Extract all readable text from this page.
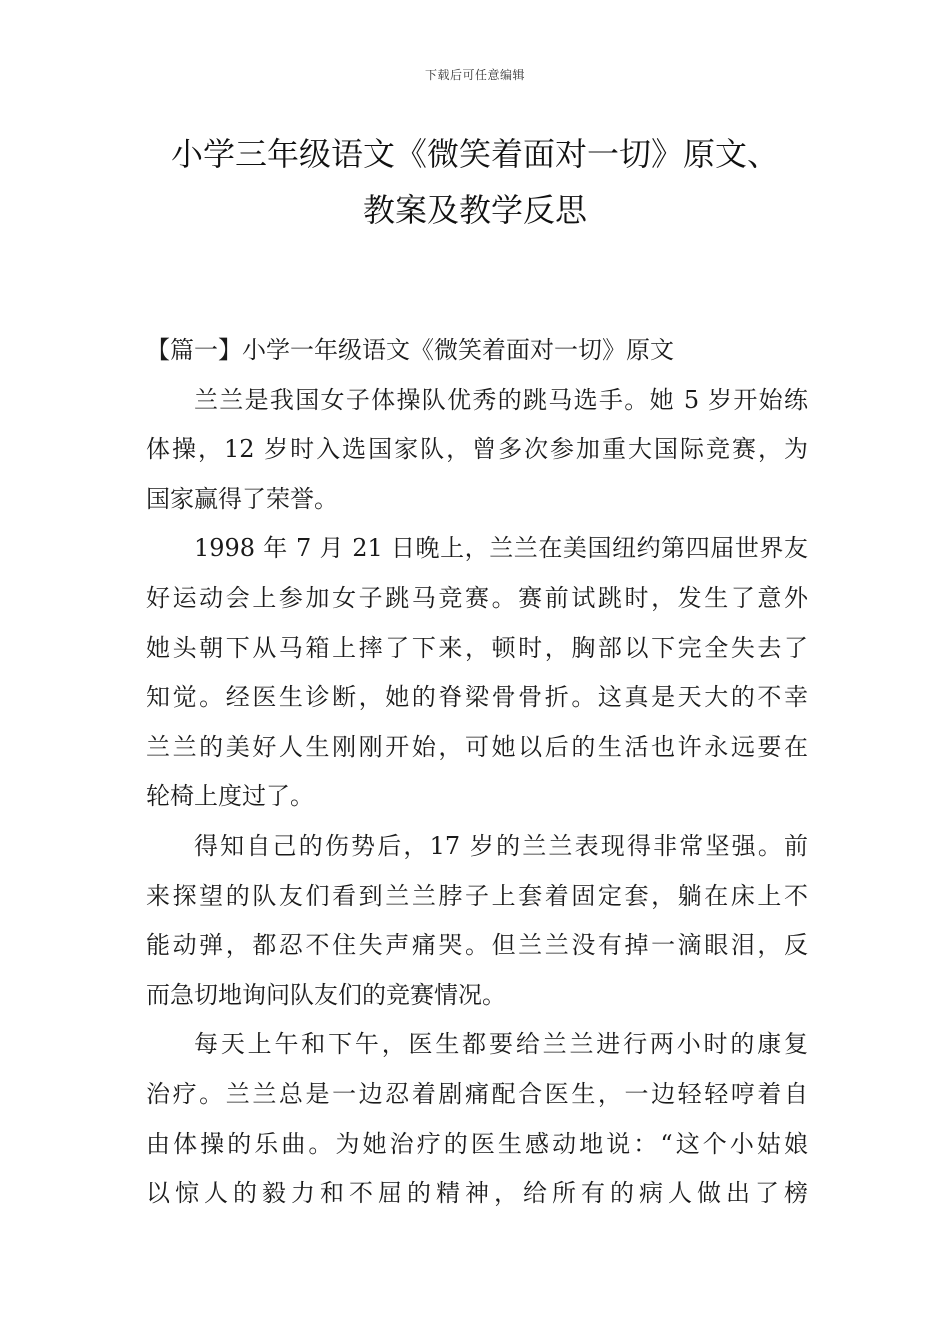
下载后可任意编辑
小学三年级语文《微笑着面对一切》原文、
教案及教学反思
【篇一】小学一年级语文《微笑着面对一切》原文

兰兰是我国女子体操队优秀的跳马选手。她 5 岁开始练
体操，12 岁时入选国家队，曾多次参加重大国际竞赛，为
国家赢得了荣誉。

1998 年 7 月 21 日晚上，兰兰在美国纽约第四届世界友
好运动会上参加女子跳马竞赛。赛前试跳时，发生了意外
她头朝下从马箱上摔了下来，顿时，胸部以下完全失去了
知觉。经医生诊断，她的脊梁骨骨折。这真是天大的不幸
兰兰的美好人生刚刚开始，可她以后的生活也许永远要在
轮椅上度过了。

得知自己的伤势后，17 岁的兰兰表现得非常坚强。前
来探望的队友们看到兰兰脖子上套着固定套，躺在床上不
能动弹，都忍不住失声痛哭。但兰兰没有掉一滴眼泪，反
而急切地询问队友们的竞赛情况。

每天上午和下午，医生都要给兰兰进行两小时的康复
治疗。兰兰总是一边忍着剧痛配合医生，一边轻轻哼着自
由体操的乐曲。为她治疗的医生感动地说：“这个小姑娘
以惊人的毅力和不屈的精神，给所有的病人做出了榜
